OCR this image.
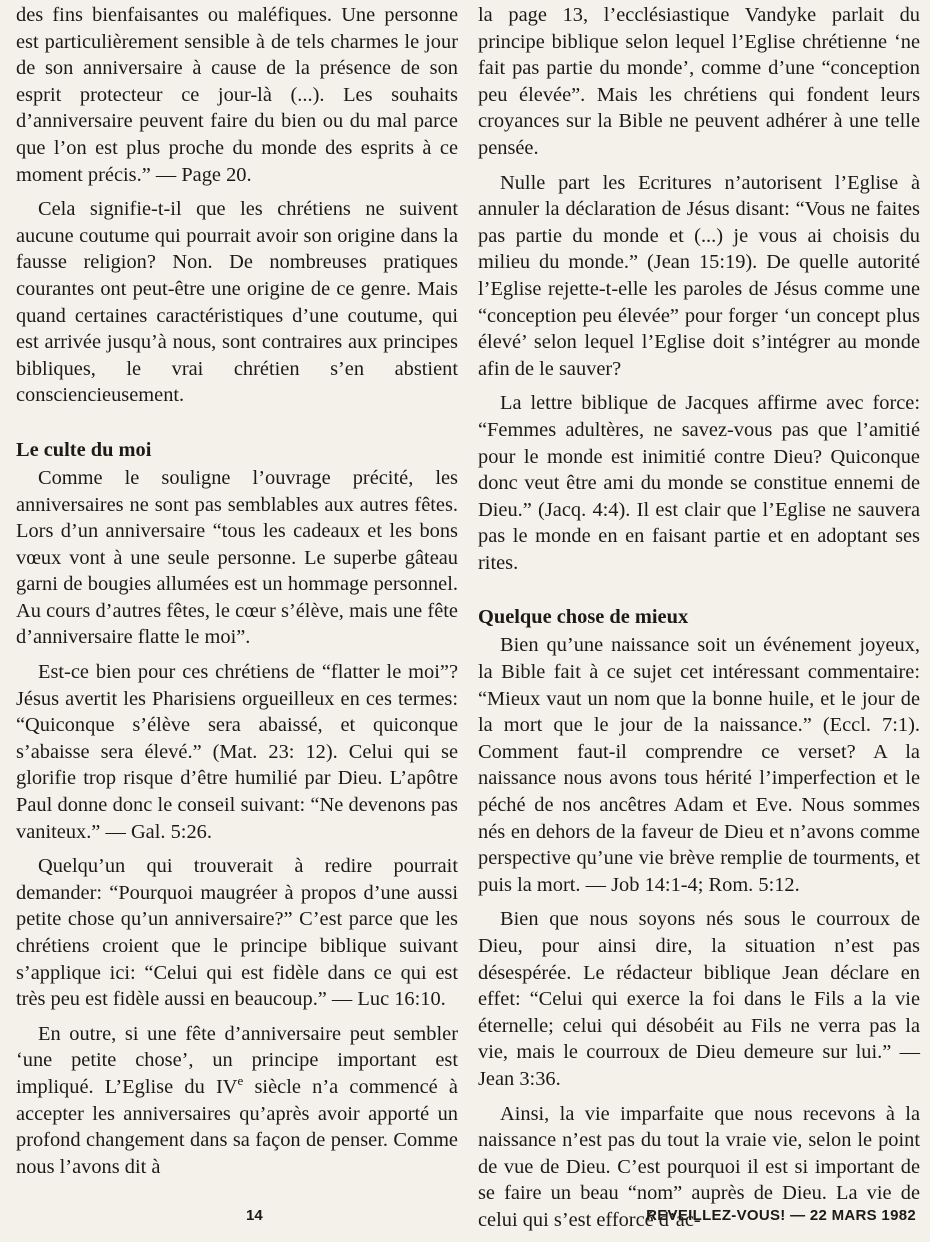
des fins bienfaisantes ou maléfiques. Une personne est particulièrement sensible à de tels charmes le jour de son anniversaire à cause de la présence de son esprit protecteur ce jour-là (...). Les souhaits d’anniversaire peuvent faire du bien ou du mal parce que l’on est plus proche du monde des esprits à ce moment précis.” — Page 20.

Cela signifie-t-il que les chrétiens ne suivent aucune coutume qui pourrait avoir son origine dans la fausse religion? Non. De nombreuses pratiques courantes ont peut-être une origine de ce genre. Mais quand certaines caractéristiques d’une coutume, qui est arrivée jusqu’à nous, sont contraires aux principes bibliques, le vrai chrétien s’en abstient consciencieusement.

Le culte du moi

Comme le souligne l’ouvrage précité, les anniversaires ne sont pas semblables aux autres fêtes. Lors d’un anniversaire “tous les cadeaux et les bons vœux vont à une seule personne. Le superbe gâteau garni de bougies allumées est un hommage personnel. Au cours d’autres fêtes, le cœur s’élève, mais une fête d’anniversaire flatte le moi”.

Est-ce bien pour ces chrétiens de “flatter le moi”? Jésus avertit les Pharisiens orgueilleux en ces termes: “Quiconque s’élève sera abaissé, et quiconque s’abaisse sera élevé.” (Mat. 23: 12). Celui qui se glorifie trop risque d’être humilié par Dieu. L’apôtre Paul donne donc le conseil suivant: “Ne devenons pas vaniteux.” — Gal. 5:26.

Quelqu’un qui trouverait à redire pourrait demander: “Pourquoi maugréer à propos d’une aussi petite chose qu’un anniversaire?” C’est parce que les chrétiens croient que le principe biblique suivant s’applique ici: “Celui qui est fidèle dans ce qui est très peu est fidèle aussi en beaucoup.” — Luc 16:10.

En outre, si une fête d’anniversaire peut sembler ‘une petite chose’, un principe important est impliqué. L’Eglise du IVe siècle n’a commencé à accepter les anniversaires qu’après avoir apporté un profond changement dans sa façon de penser. Comme nous l’avons dit à

la page 13, l’ecclésiastique Vandyke parlait du principe biblique selon lequel l’Eglise chrétienne ‘ne fait pas partie du monde’, comme d’une “conception peu élevée”. Mais les chrétiens qui fondent leurs croyances sur la Bible ne peuvent adhérer à une telle pensée.

Nulle part les Ecritures n’autorisent l’Eglise à annuler la déclaration de Jésus disant: “Vous ne faites pas partie du monde et (...) je vous ai choisis du milieu du monde.” (Jean 15:19). De quelle autorité l’Eglise rejette-t-elle les paroles de Jésus comme une “conception peu élevée” pour forger ‘un concept plus élevé’ selon lequel l’Eglise doit s’intégrer au monde afin de le sauver?

La lettre biblique de Jacques affirme avec force: “Femmes adultères, ne savez-vous pas que l’amitié pour le monde est inimitié contre Dieu? Quiconque donc veut être ami du monde se constitue ennemi de Dieu.” (Jacq. 4:4). Il est clair que l’Eglise ne sauvera pas le monde en en faisant partie et en adoptant ses rites.

Quelque chose de mieux

Bien qu’une naissance soit un événement joyeux, la Bible fait à ce sujet cet intéressant commentaire: “Mieux vaut un nom que la bonne huile, et le jour de la mort que le jour de la naissance.” (Eccl. 7:1). Comment faut-il comprendre ce verset? A la naissance nous avons tous hérité l’imperfection et le péché de nos ancêtres Adam et Eve. Nous sommes nés en dehors de la faveur de Dieu et n’avons comme perspective qu’une vie brève remplie de tourments, et puis la mort. — Job 14:1-4; Rom. 5:12.

Bien que nous soyons nés sous le courroux de Dieu, pour ainsi dire, la situation n’est pas désespérée. Le rédacteur biblique Jean déclare en effet: “Celui qui exerce la foi dans le Fils a la vie éternelle; celui qui désobéit au Fils ne verra pas la vie, mais le courroux de Dieu demeure sur lui.” — Jean 3:36.

Ainsi, la vie imparfaite que nous recevons à la naissance n’est pas du tout la vraie vie, selon le point de vue de Dieu. C’est pourquoi il est si important de se faire un beau “nom” auprès de Dieu. La vie de celui qui s’est efforcé d’ac-

14	REVEILLEZ-VOUS! — 22 MARS 1982
